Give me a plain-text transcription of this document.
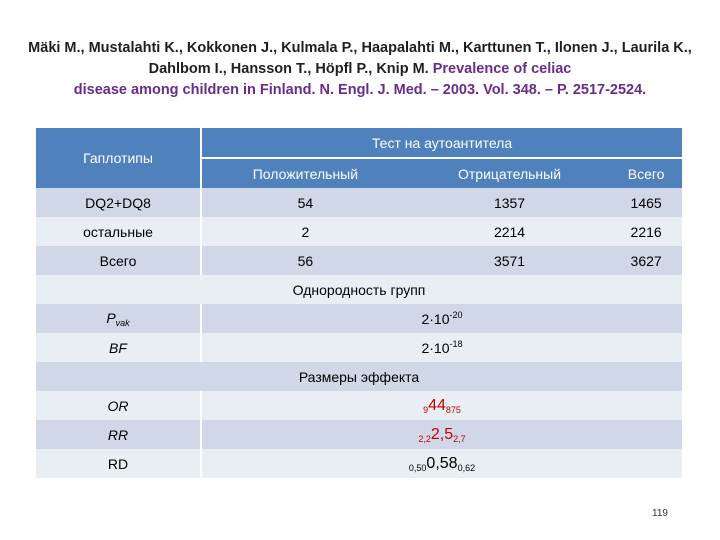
Mäki M., Mustalahti K., Kokkonen J., Kulmala P., Haapalahti M., Karttunen T., Ilonen J., Laurila K., Dahlbom I., Hansson T., Höpfl P., Knip M. Prevalence of celiac
disease among children in Finland. N. Engl. J. Med. – 2003. Vol. 348. – P. 2517-2524.
Гаплотипы	Тест на аутоантитела		
	Положительный	Отрицательный	Всего
DQ2+DQ8	54	1357	1465
остальные	2	2214	2216
Всего	56	3571	3627
Однородность групп			
$P_{vak}$	$2\cdot 10^{-20}$
BF	$2\cdot 10^{-18}$
Размеры эффекта			
OR	$_944_{875}$
RR	$_{2,2}2,5_{2,7}$
RD	$_{0,50}0,58_{0,62}$
119
